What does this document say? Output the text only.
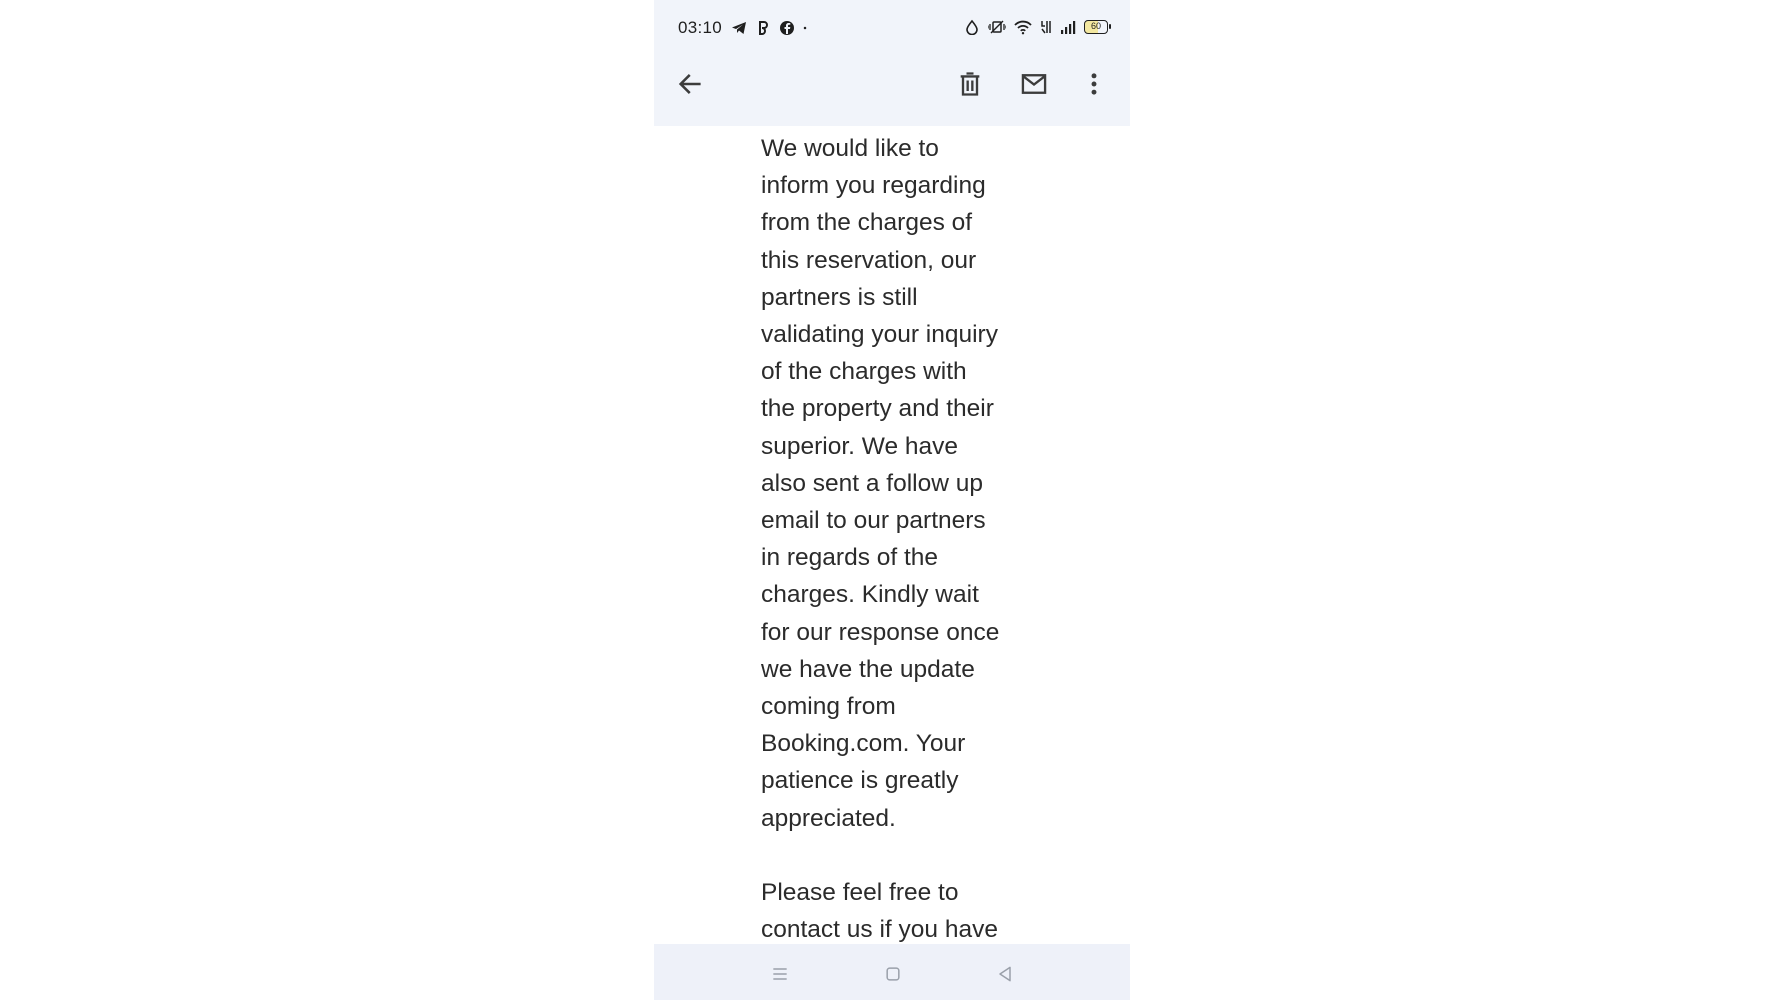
03:10	60

We would like to
inform you regarding
from the charges of
this reservation, our
partners is still
validating your inquiry
of the charges with
the property and their
superior. We have
also sent a follow up
email to our partners
in regards of the
charges. Kindly wait
for our response once
we have the update
coming from
Booking.com. Your
patience is greatly
appreciated.

Please feel free to
contact us if you have
